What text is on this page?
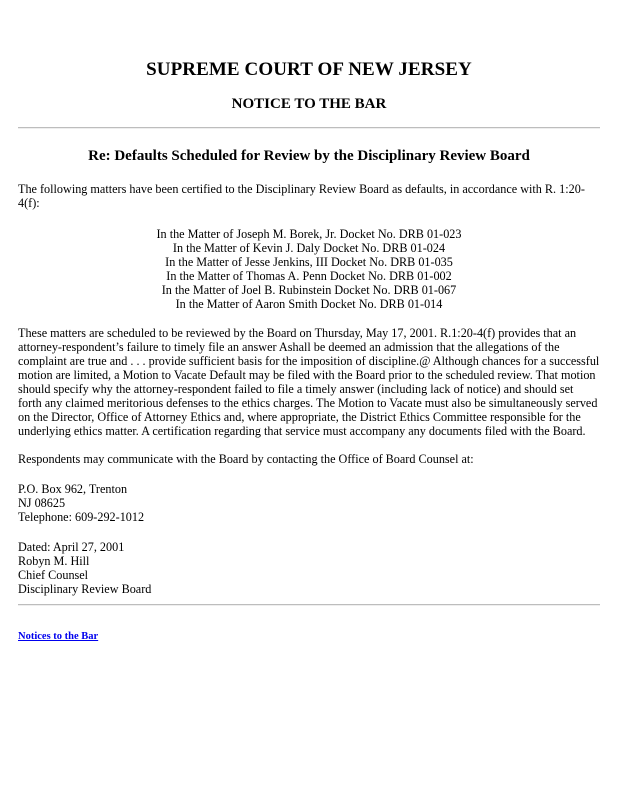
SUPREME COURT OF NEW JERSEY
NOTICE TO THE BAR
Re: Defaults Scheduled for Review by the Disciplinary Review Board

The following matters have been certified to the Disciplinary Review Board as defaults, in accordance with R. 1:20-4(f):

In the Matter of Joseph M. Borek, Jr. Docket No. DRB 01-023
In the Matter of Kevin J. Daly Docket No. DRB 01-024
In the Matter of Jesse Jenkins, III Docket No. DRB 01-035
In the Matter of Thomas A. Penn Docket No. DRB 01-002
In the Matter of Joel B. Rubinstein Docket No. DRB 01-067
In the Matter of Aaron Smith Docket No. DRB 01-014

These matters are scheduled to be reviewed by the Board on Thursday, May 17, 2001. R.1:20-4(f) provides that an attorney-respondent’s failure to timely file an answer Ashall be deemed an admission that the allegations of the complaint are true and . . . provide sufficient basis for the imposition of discipline.@ Although chances for a successful motion are limited, a Motion to Vacate Default may be filed with the Board prior to the scheduled review. That motion should specify why the attorney-respondent failed to file a timely answer (including lack of notice) and should set forth any claimed meritorious defenses to the ethics charges. The Motion to Vacate must also be simultaneously served on the Director, Office of Attorney Ethics and, where appropriate, the District Ethics Committee responsible for the underlying ethics matter. A certification regarding that service must accompany any documents filed with the Board.

Respondents may communicate with the Board by contacting the Office of Board Counsel at:

P.O. Box 962, Trenton
NJ 08625
Telephone: 609-292-1012
Dated: April 27, 2001
Robyn M. Hill
Chief Counsel
Disciplinary Review Board
Notices to the Bar
